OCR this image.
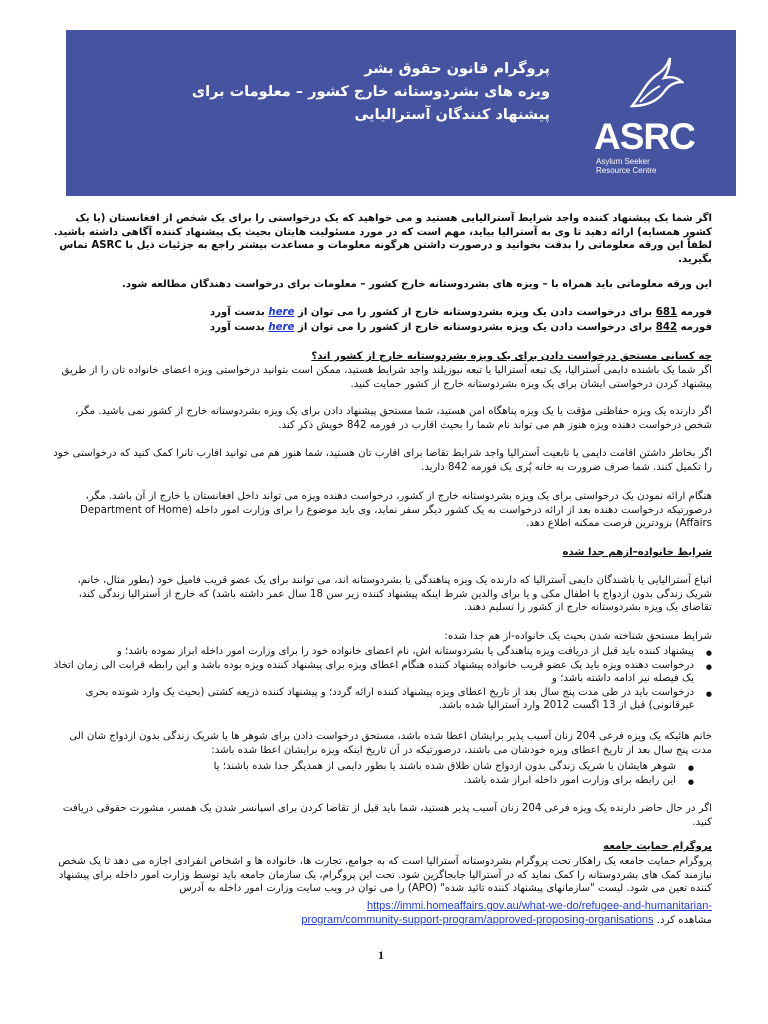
پروگرام قانون حقوق بشر
ویزه های بشردوستانه خارج کشور – معلومات برای
پیشنهاد کنندگان آسترالیایی
ASRC
Asylum Seeker
Resource Centre
اگر شما یک پیشنهاد کننده واجد شرایط آسترالیایی هستید و می خواهید که یک درخواستی را برای یک شخص از افغانستان (یا یک کشور همسایه) ارائه دهید تا وی به آسترالیا بیاید، مهم است که در مورد مسئولیت هایتان بحیث یک پیشنهاد کننده آگاهی داشته باشید. لطفاً این ورقه معلوماتی را بدقت بخوانید و درصورت داشتن هرگونه معلومات و مساعدت بیشتر راجع به جزئیات ذیل با ASRC تماس بگیرید.
این ورقه معلوماتی باید همراه با – ویزه های بشردوستانه خارج کشور – معلومات برای درخواست دهندگان مطالعه شود.
فورمه 681 برای درخواست دادن یک ویزه بشردوستانه خارج از کشور را می توان از here بدست آورد
فورمه 842 برای درخواست دادن یک ویزه بشردوستانه خارج از کشور را می توان از here بدست آورد
چه کسانی مستحق درخواست دادن برای یک ویزه بشردوستانه خارج از کشور اند؟
اگر شما یک باشنده دایمی آسترالیا، یک تبعه آسترالیا یا تبعه نیوزیلند واجد شرایط هستید، ممکن است بتوانید درخواستی ویزه اعضای خانواده تان را از طریق پیشنهاد کردن درخواستی ایشان برای یک ویزه بشردوستانه خارج از کشور حمایت کنید.
اگر دارنده یک ویزه حفاظتی مؤقت یا یک ویزه پناهگاه امن هستید، شما مستحق پیشنهاد دادن برای یک ویزه بشردوستانه خارج از کشور نمی باشید. مگر، شخص درخواست دهنده ویزه هنوز هم می تواند نام شما را بحیث اقارب در فورمه 842 خویش ذکر کند.
اگر بخاطر داشتن اقامت دایمی یا تابعیت آسترالیا واجد شرایط تقاضا برای اقارب تان هستید، شما هنوز هم می توانید اقارب تانرا کمک کنید که درخواستی خود را تکمیل کنند. شما صرف ضرورت به خانه پُری یک فورمه 842 دارید.
هنگام ارائه نمودن یک درخواستی برای یک ویزه بشردوستانه خارج از کشور، درخواست دهنده ویزه می تواند داخل افغانستان یا خارج از آن باشد. مگر، درصورتیکه درخواست دهنده بعد از ارائه درخواست به یک کشور دیگر سفر نماید، وی باید موضوع را برای وزارت امور داخله (Department of Home Affairs) بزودترین فرصت ممکنه اطلاع دهد.
شرایط خانواده–ازهم جدا شده
اتباع آسترالیایی یا باشندگان دایمی آسترالیا که دارنده یک ویزه پناهندگی یا بشردوستانه اند، می توانند برای یک عضو قریب فامیل خود (بطور مثال، خانم، شریک زندگی بدون ازدواج یا اطفال مکی و یا برای والدین شرط اینکه پیشنهاد کننده زیر سن 18 سال عمر داشته باشد) که خارج از آسترالیا زندگی کند، تقاضای یک ویزه بشردوستانه خارج از کشور را تسلیم دهند.
شرایط مستحق شناخته شدن بحیث یک خانواده-از هم جدا شده:
● پیشنهاد کننده باید قبل از دریافت ویزه پناهندگی یا بشردوستانه اش، نام اعضای خانواده خود را برای وزارت امور داخله ابراز نموده باشد؛ و
● درخواست دهنده ویزه باید یک عضو قریب خانواده پیشنهاد کننده هنگام اعطای ویزه برای پیشنهاد کننده ویزه بوده باشد و این رابطه قرابت الی زمان اتخاذ یک فیصله نیز ادامه داشته باشد؛ و
● درخواست باید در طی مدت پنج سال بعد از تاریخ اعطای ویزه پیشنهاد کننده ارائه گردد؛ و پیشنهاد کننده ذریعه کشتی (بحیث یک وارد شونده بحری غیرقانونی) قبل از 13 اگست 2012 وارد آسترالیا شده باشد.
خانم هائیکه یک ویزه فرعی 204 زنان آسیب پذیر برایشان اعطا شده باشد، مستحق درخواست دادن برای شوهر ها یا شریک زندگی بدون ازدواج شان الی مدت پنج سال بعد از تاریخ اعطای ویزه خودشان می باشند، درصورتیکه در آن تاریخ اینکه ویزه برایشان اعطا شده باشد:
● شوهر هایشان یا شریک زندگی بدون ازدواج شان طلاق شده باشند یا بطور دایمی از همدیگر جدا شده باشند؛ یا
● این رابطه برای وزارت امور داخله ابراز شده باشد.
اگر در حال حاضر دارنده یک ویزه فرعی 204 زنان آسیب پذیر هستید، شما باید قبل از تقاضا کردن برای اسپانسر شدن یک همسر، مشورت حقوقی دریافت کنید.
پروگرام حمایت جامعه
پروگرام حمایت جامعه یک راهکار تحت پروگرام بشردوستانه آسترالیا است که به جوامع، تجارت ها، خانواده ها و اشخاص انفرادی اجازه می دهد تا یک شخص نیازمند کمک های بشردوستانه را کمک نماید که در آسترالیا جابجاگزین شود. تحت این پروگرام، یک سازمان جامعه باید توسط وزارت امور داخله برای پیشنهاد کننده تعین می شود. لیست "سازمانهای پیشنهاد کننده تائید شده" (APO) را می توان در ویب سایت وزارت امور داخله به آدرس
https://immi.homeaffairs.gov.au/what-we-do/refugee-and-humanitarian-
program/community-support-program/approved-proposing-organisations مشاهده کرد.
1
